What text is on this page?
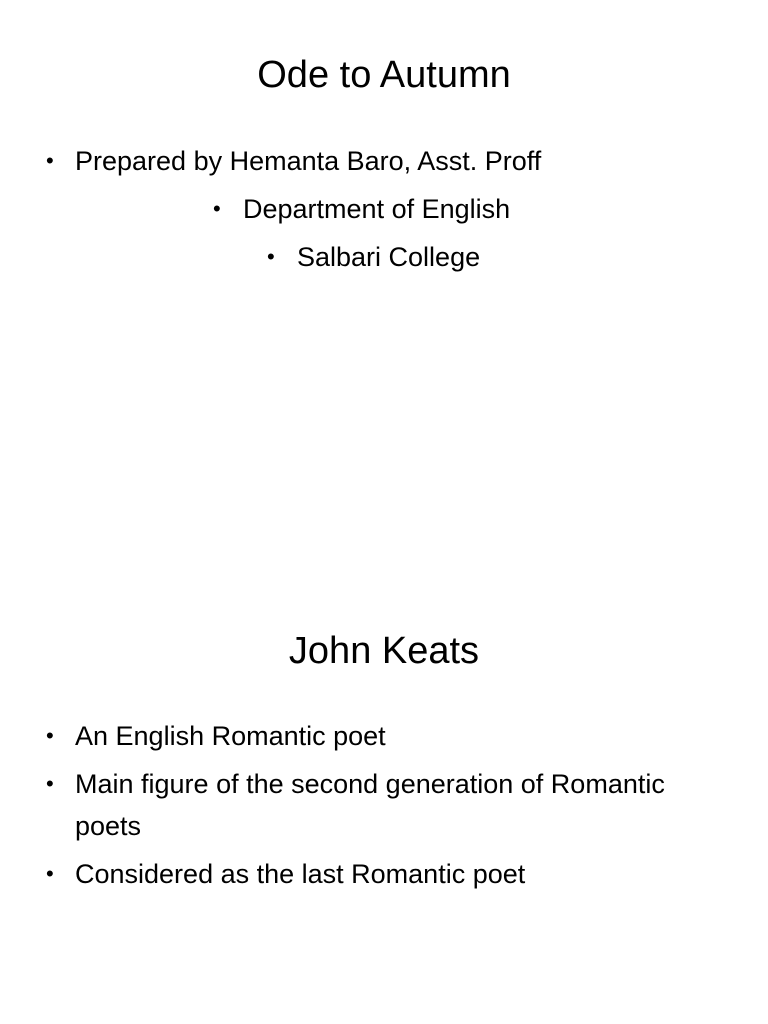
Ode to Autumn
• Prepared by Hemanta Baro, Asst. Proff
• Department of English
• Salbari College
John Keats
• An English Romantic poet
• Main figure of the second generation of Romantic poets
• Considered as the last Romantic poet
